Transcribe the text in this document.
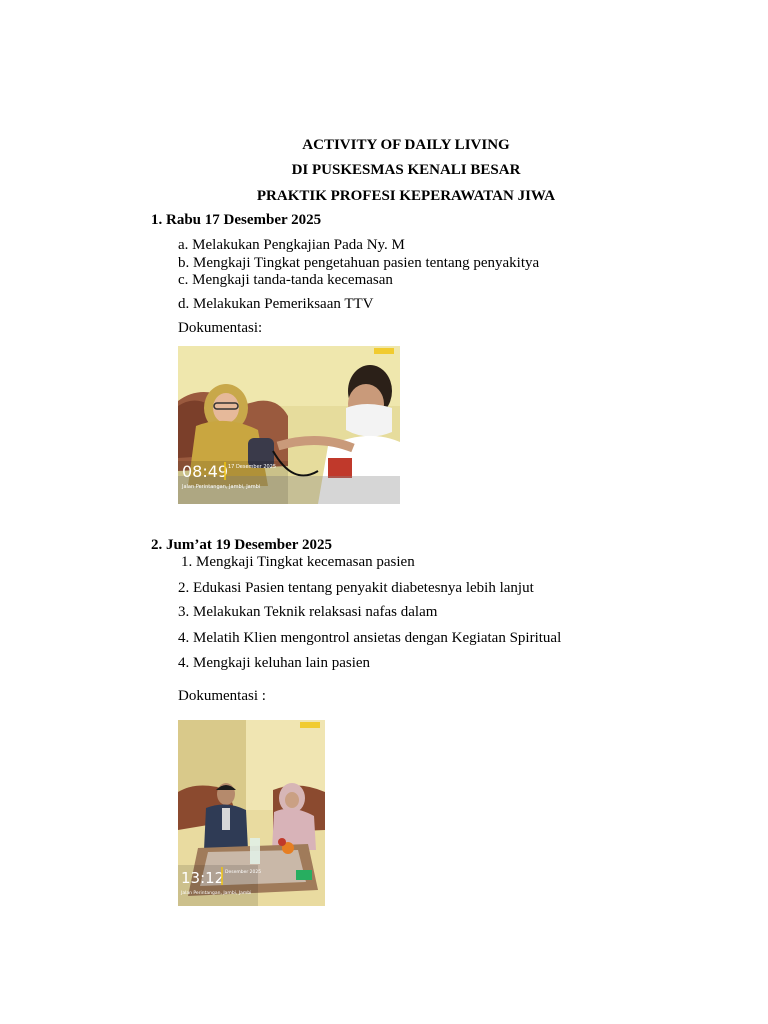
ACTIVITY OF DAILY LIVING
DI PUSKESMAS KENALI BESAR
PRAKTIK PROFESI KEPERAWATAN JIWA
1. Rabu 17 Desember 2025
a. Melakukan Pengkajian Pada Ny. M
b. Mengkaji Tingkat pengetahuan pasien tentang penyakitya
c. Mengkaji tanda-tanda kecemasan
d. Melakukan Pemeriksaan TTV
Dokumentasi:
08:49 17 Desember 2025
Jalan Perintangan, Jambi, Jambi
2. Jum’at 19 Desember 2025
1. Mengkaji Tingkat kecemasan pasien
2. Edukasi Pasien tentang penyakit diabetesnya lebih lanjut
3. Melakukan Teknik relaksasi nafas dalam
4. Melatih Klien mengontrol ansietas dengan Kegiatan Spiritual
4. Mengkaji keluhan lain pasien
Dokumentasi :
13:12 Desember 2025
Jalan Perintangan, Jambi, Jambi
